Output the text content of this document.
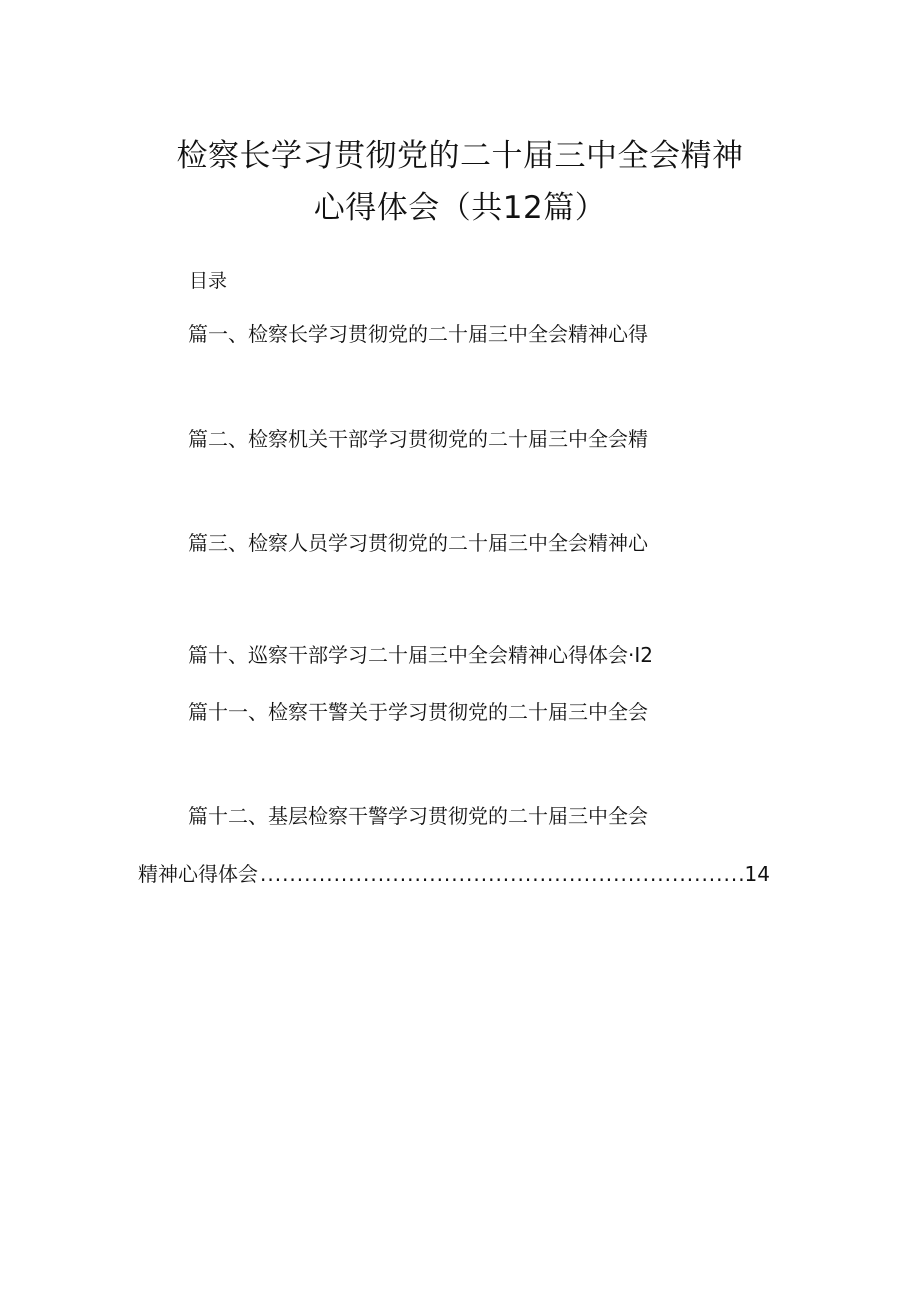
检察长学习贯彻党的二十届三中全会精神
心得体会（共12篇）
目录
篇一、检察长学习贯彻党的二十届三中全会精神心得
篇二、检察机关干部学习贯彻党的二十届三中全会精
篇三、检察人员学习贯彻党的二十届三中全会精神心
篇十、巡察干部学习二十届三中全会精神心得体会·I2
篇十一、检察干警关于学习贯彻党的二十届三中全会
篇十二、基层检察干警学习贯彻党的二十届三中全会
精神心得体会
.....	14
